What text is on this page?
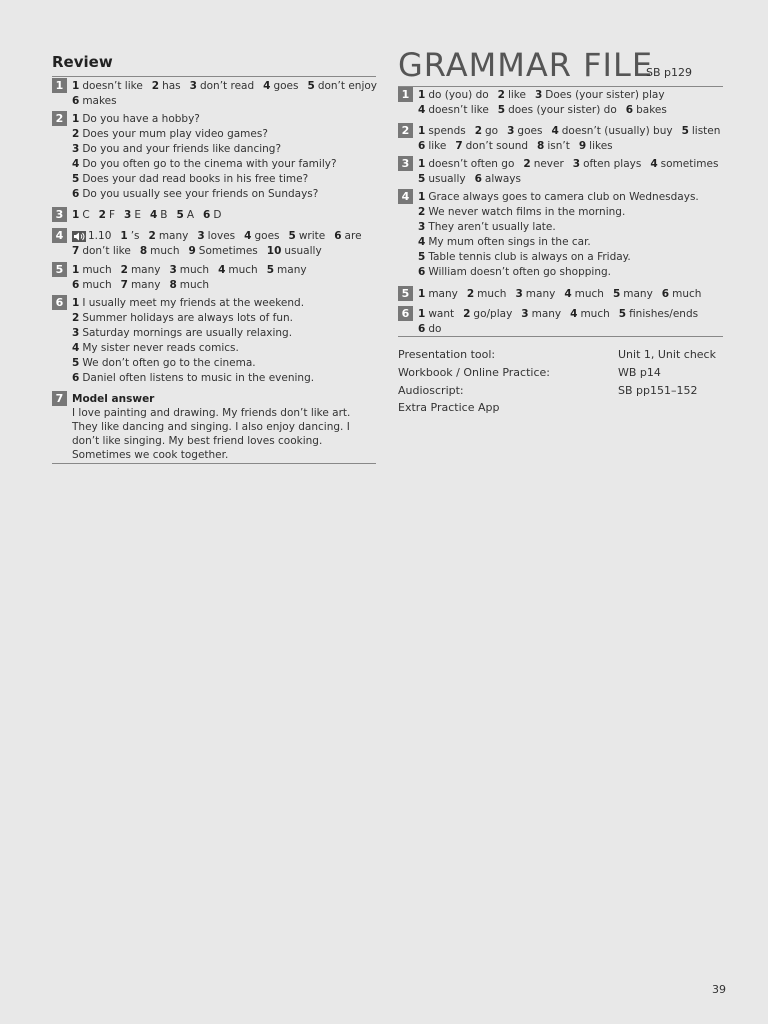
Review
1 1 doesn’t like 2 has 3 don’t read 4 goes 5 don’t enjoy
6 makes
2 1 Do you have a hobby?
2 Does your mum play video games?
3 Do you and your friends like dancing?
4 Do you often go to the cinema with your family?
5 Does your dad read books in his free time?
6 Do you usually see your friends on Sundays?
3 1 C 2 F 3 E 4 B 5 A 6 D
4	1.10 1 ’s 2 many 3 loves 4 goes 5 write 6 are
7 don’t like 8 much 9 Sometimes 10 usually
5 1 much 2 many 3 much 4 much 5 many
6 much 7 many 8 much
6 1 I usually meet my friends at the weekend.
2 Summer holidays are always lots of fun.
3 Saturday mornings are usually relaxing.
4 My sister never reads comics.
5 We don’t often go to the cinema.
6 Daniel often listens to music in the evening.
7 Model answer
I love painting and drawing. My friends don’t like art. They like dancing and singing. I also enjoy dancing. I don’t like singing. My best friend loves cooking. Sometimes we cook together.
GRAMMAR FILE
SB p129
1 1 do (you) do 2 like 3 Does (your sister) play
4 doesn’t like 5 does (your sister) do 6 bakes
2 1 spends 2 go 3 goes 4 doesn’t (usually) buy 5 listen
6 like 7 don’t sound 8 isn’t 9 likes
3 1 doesn’t often go 2 never 3 often plays 4 sometimes
5 usually 6 always
4 1 Grace always goes to camera club on Wednesdays.
2 We never watch films in the morning.
3 They aren’t usually late.
4 My mum often sings in the car.
5 Table tennis club is always on a Friday.
6 William doesn’t often go shopping.
5 1 many 2 much 3 many 4 much 5 many 6 much
6 1 want 2 go/play 3 many 4 much 5 finishes/ends
6 do
Presentation tool:	Unit 1, Unit check
Workbook / Online Practice:	WB p14
Audioscript:	SB pp151–152
Extra Practice App
39
